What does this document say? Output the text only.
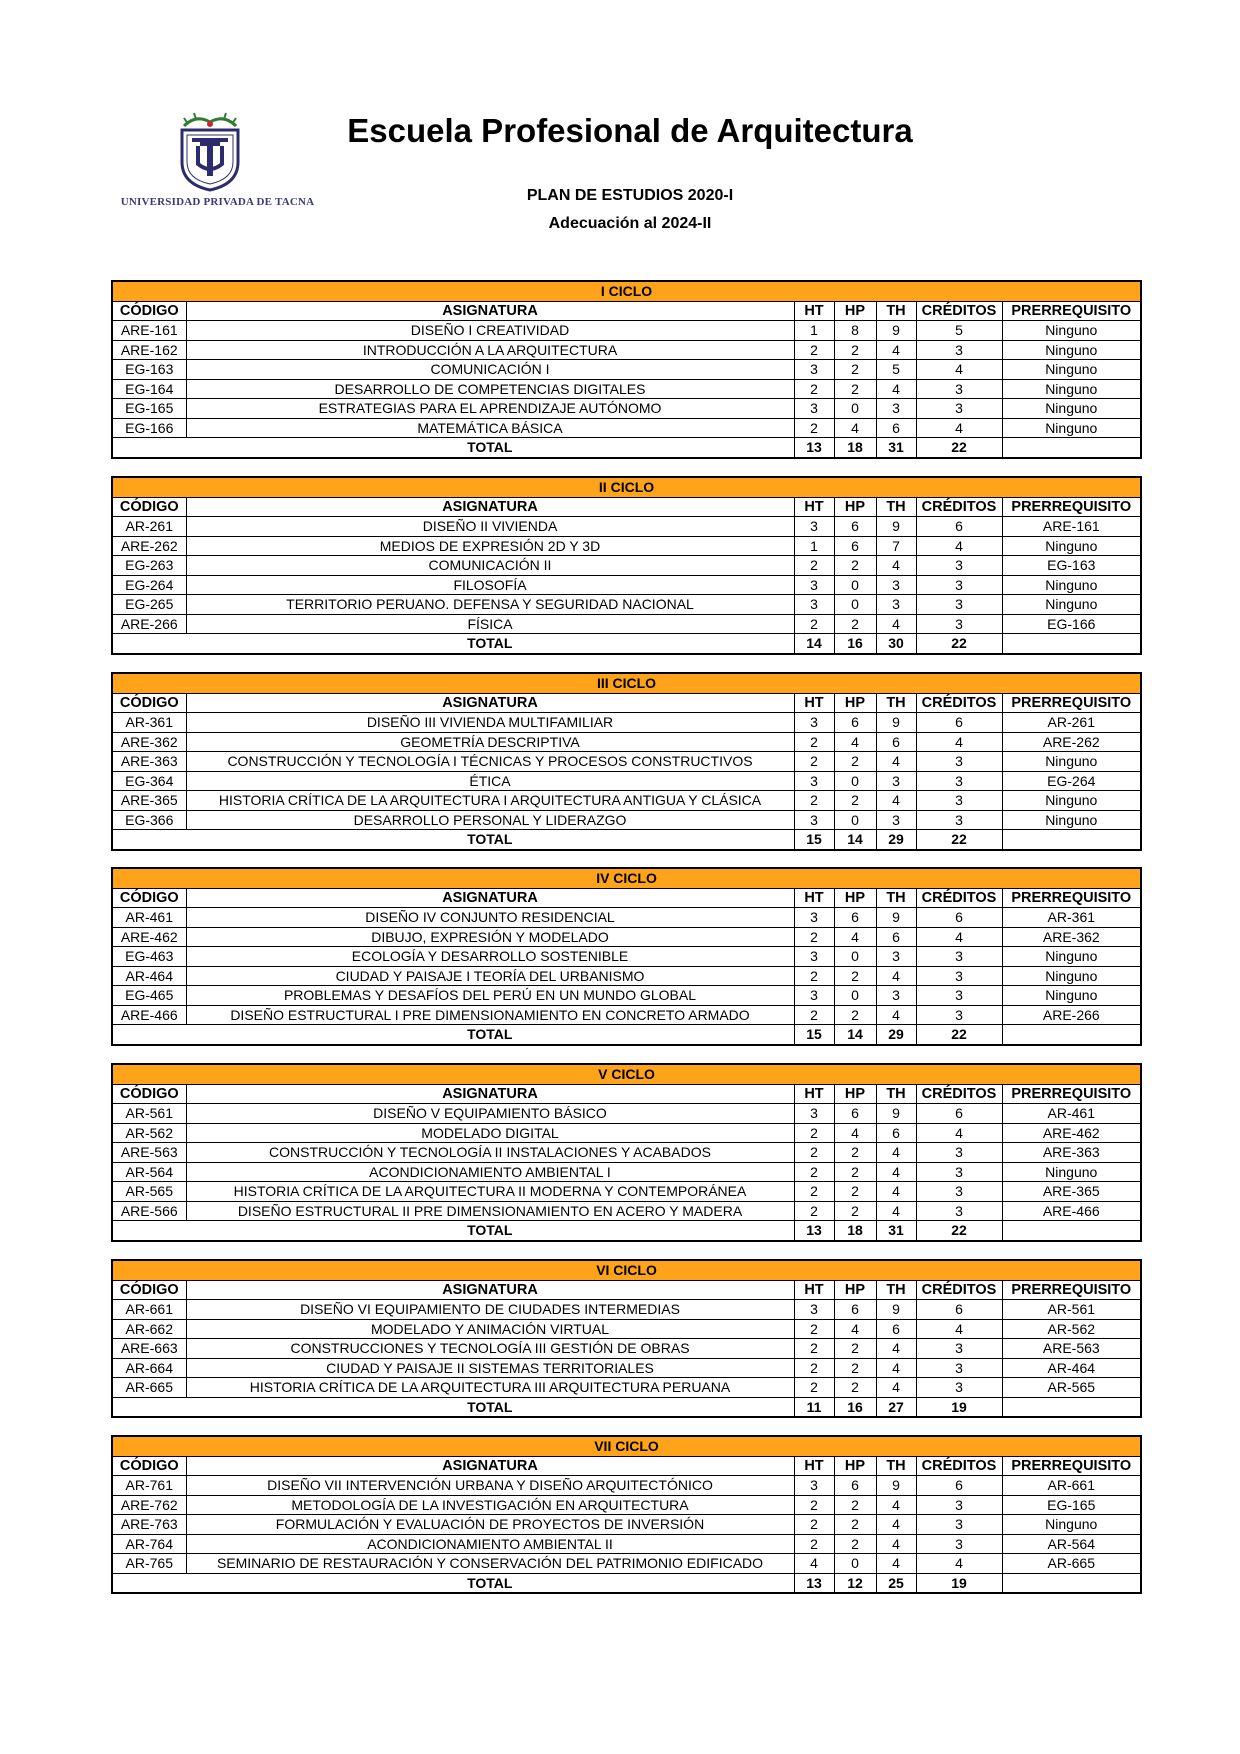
UNIVERSIDAD PRIVADA DE TACNA
Escuela Profesional de Arquitectura
PLAN DE ESTUDIOS 2020-I
Adecuación al 2024-II
I CICLO						
CÓDIGO	ASIGNATURA	HT	HP	TH	CRÉDITOS	PRERREQUISITO
ARE-161	DISEÑO I CREATIVIDAD	1	8	9	5	Ninguno
ARE-162	INTRODUCCIÓN A LA ARQUITECTURA	2	2	4	3	Ninguno
EG-163	COMUNICACIÓN I	3	2	5	4	Ninguno
EG-164	DESARROLLO DE COMPETENCIAS DIGITALES	2	2	4	3	Ninguno
EG-165	ESTRATEGIAS PARA EL APRENDIZAJE AUTÓNOMO	3	0	3	3	Ninguno
EG-166	MATEMÁTICA BÁSICA	2	4	6	4	Ninguno
	TOTAL	13	18	31	22	
II CICLO						
CÓDIGO	ASIGNATURA	HT	HP	TH	CRÉDITOS	PRERREQUISITO
AR-261	DISEÑO II VIVIENDA	3	6	9	6	ARE-161
ARE-262	MEDIOS DE EXPRESIÓN 2D Y 3D	1	6	7	4	Ninguno
EG-263	COMUNICACIÓN II	2	2	4	3	EG-163
EG-264	FILOSOFÍA	3	0	3	3	Ninguno
EG-265	TERRITORIO PERUANO. DEFENSA Y SEGURIDAD NACIONAL	3	0	3	3	Ninguno
ARE-266	FÍSICA	2	2	4	3	EG-166
	TOTAL	14	16	30	22	
III CICLO						
CÓDIGO	ASIGNATURA	HT	HP	TH	CRÉDITOS	PRERREQUISITO
AR-361	DISEÑO III VIVIENDA MULTIFAMILIAR	3	6	9	6	AR-261
ARE-362	GEOMETRÍA DESCRIPTIVA	2	4	6	4	ARE-262
ARE-363	CONSTRUCCIÓN Y TECNOLOGÍA I TÉCNICAS Y PROCESOS CONSTRUCTIVOS	2	2	4	3	Ninguno
EG-364	ÉTICA	3	0	3	3	EG-264
ARE-365	HISTORIA CRÍTICA DE LA ARQUITECTURA I ARQUITECTURA ANTIGUA Y CLÁSICA	2	2	4	3	Ninguno
EG-366	DESARROLLO PERSONAL Y LIDERAZGO	3	0	3	3	Ninguno
	TOTAL	15	14	29	22	
IV CICLO						
CÓDIGO	ASIGNATURA	HT	HP	TH	CRÉDITOS	PRERREQUISITO
AR-461	DISEÑO IV CONJUNTO RESIDENCIAL	3	6	9	6	AR-361
ARE-462	DIBUJO, EXPRESIÓN Y MODELADO	2	4	6	4	ARE-362
EG-463	ECOLOGÍA Y DESARROLLO SOSTENIBLE	3	0	3	3	Ninguno
AR-464	CIUDAD Y PAISAJE I TEORÍA DEL URBANISMO	2	2	4	3	Ninguno
EG-465	PROBLEMAS Y DESAFÍOS DEL PERÚ EN UN MUNDO GLOBAL	3	0	3	3	Ninguno
ARE-466	DISEÑO ESTRUCTURAL I PRE DIMENSIONAMIENTO EN CONCRETO ARMADO	2	2	4	3	ARE-266
	TOTAL	15	14	29	22	
V CICLO						
CÓDIGO	ASIGNATURA	HT	HP	TH	CRÉDITOS	PRERREQUISITO
AR-561	DISEÑO V EQUIPAMIENTO BÁSICO	3	6	9	6	AR-461
AR-562	MODELADO DIGITAL	2	4	6	4	ARE-462
ARE-563	CONSTRUCCIÓN Y TECNOLOGÍA II INSTALACIONES Y ACABADOS	2	2	4	3	ARE-363
AR-564	ACONDICIONAMIENTO AMBIENTAL I	2	2	4	3	Ninguno
AR-565	HISTORIA CRÍTICA DE LA ARQUITECTURA II MODERNA Y CONTEMPORÁNEA	2	2	4	3	ARE-365
ARE-566	DISEÑO ESTRUCTURAL II PRE DIMENSIONAMIENTO EN ACERO Y MADERA	2	2	4	3	ARE-466
	TOTAL	13	18	31	22	
VI CICLO						
CÓDIGO	ASIGNATURA	HT	HP	TH	CRÉDITOS	PRERREQUISITO
AR-661	DISEÑO VI EQUIPAMIENTO DE CIUDADES INTERMEDIAS	3	6	9	6	AR-561
AR-662	MODELADO Y ANIMACIÓN VIRTUAL	2	4	6	4	AR-562
ARE-663	CONSTRUCCIONES Y TECNOLOGÍA III GESTIÓN DE OBRAS	2	2	4	3	ARE-563
AR-664	CIUDAD Y PAISAJE II SISTEMAS TERRITORIALES	2	2	4	3	AR-464
AR-665	HISTORIA CRÍTICA DE LA ARQUITECTURA III ARQUITECTURA PERUANA	2	2	4	3	AR-565
	TOTAL	11	16	27	19	
VII CICLO						
CÓDIGO	ASIGNATURA	HT	HP	TH	CRÉDITOS	PRERREQUISITO
AR-761	DISEÑO VII INTERVENCIÓN URBANA Y DISEÑO ARQUITECTÓNICO	3	6	9	6	AR-661
ARE-762	METODOLOGÍA DE LA INVESTIGACIÓN EN ARQUITECTURA	2	2	4	3	EG-165
ARE-763	FORMULACIÓN Y EVALUACIÓN DE PROYECTOS DE INVERSIÓN	2	2	4	3	Ninguno
AR-764	ACONDICIONAMIENTO AMBIENTAL II	2	2	4	3	AR-564
AR-765	SEMINARIO DE RESTAURACIÓN Y CONSERVACIÓN DEL PATRIMONIO EDIFICADO	4	0	4	4	AR-665
	TOTAL	13	12	25	19	
